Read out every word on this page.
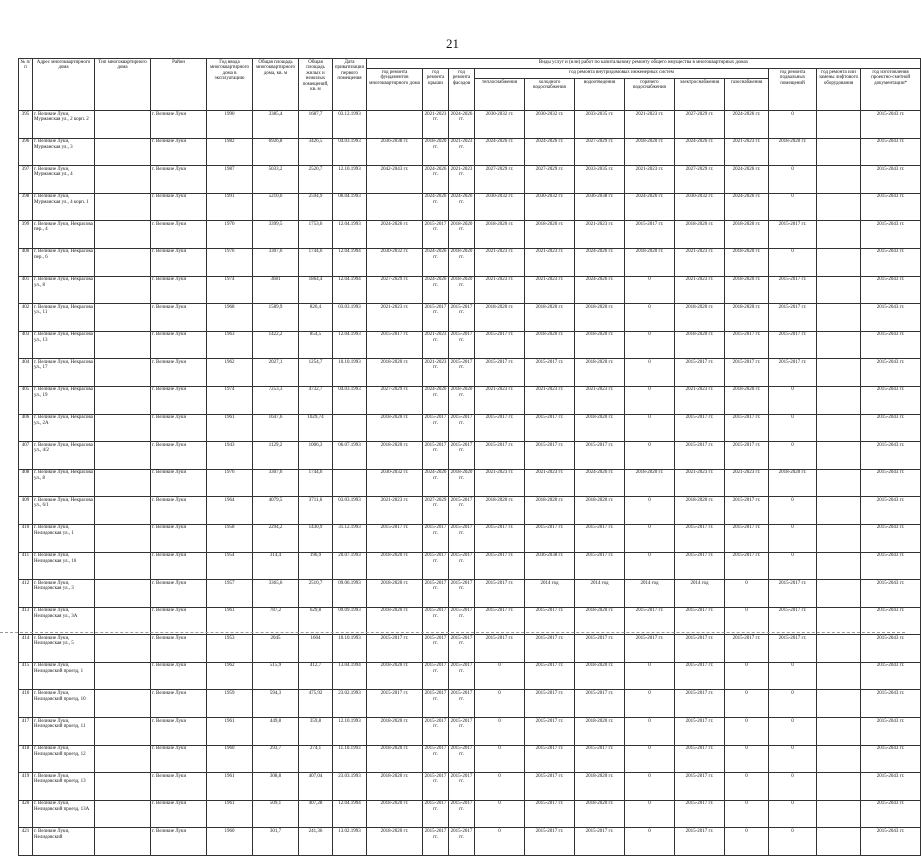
21
№ п/п	Адрес многоквартирного дома	Тип многоквартирного дома	Район	Год ввода многоквартирного дома в эксплуатацию	Общая площадь многоквартирного дома, кв. м	Общая площадь жилых и нежилых помещений, кв. м	Дата приватизации первого помещения	Виды услуг и (или) работ по капитальному ремонту общего имущества в многоквартирных домах											
								год ремонта фундаментов многоквартирного дома	год ремонта крыши	год ремонта фасадов	год ремонта внутридомовых инженерных систем						год ремонта подвальных помещений	год ремонта или замены лифтового оборудования	год изготовления проектно-сметной документации*
											теплоснабжения	холодного водоснабжения	водоотведения	горячего водоснабжения	электроснабжения	газоснабжения			
395	г. Великие Луки, Мурманская ул., 2 корп. 2		г. Великие Луки	1990	3385,4	1687,7	03.12.1993		2021-2023 гг.	2024-2026 гг.	2030-2032 гг.	2030-2032 гг.	2033-2035 гг.	2021-2023 гг.	2027-2029 гг.	2024-2026 гг.	0		2015-2043 гг.
396	г. Великие Луки, Мурманская ул., 3		г. Великие Луки	1982	6926,8	3426,5	04.03.1993	2036-2038 гг.	2018-2020 гг.	2021-2023 гг.	2024-2026 гг.	2024-2026 гг.	2027-2029 гг.	2018-2020 гг.	2024-2026 гг.	2021-2023 гг.	2018-2020 гг.		2015-2043 гг.
397	г. Великие Луки, Мурманская ул., 4		г. Великие Луки	1987	5033,2	2520,7	12.10.1993	2042-2043 гг.	2024-2026 гг.	2021-2023 гг.	2027-2029 гг.	2027-2029 гг.	2033-2035 гг.	2021-2023 гг.	2027-2029 гг.	2024-2026 гг.	0		2015-2043 гг.
398	г. Великие Луки, Мурманская ул., 4 корп. 1		г. Великие Луки	1991	5210,6	2594,9	06.04.1993		2024-2026 гг.	2024-2026 гг.	2030-2032 гг.	2030-2032 гг.	2036-2038 гг.	2024-2026 гг.	2030-2032 гг.	2024-2026 гг.	0		2015-2043 гг.
399	г. Великие Луки, Некрасова пер., 4		г. Великие Луки	1970	3399,5	1753,6	12.04.1993	2024-2026 гг.	2015-2017 гг.	2018-2020 гг.	2018-2020 гг.	2018-2020 гг.	2021-2023 гг.	2015-2017 гг.	2018-2020 гг.	2018-2020 гг.	2015-2017 гг.		2015-2043 гг.
400	г. Великие Луки, Некрасова пер., 6		г. Великие Луки	1976	3307,6	1744,6	12.04.1994	2030-2032 гг.	2024-2026 гг.	2018-2020 гг.	2021-2023 гг.	2021-2023 гг.	2024-2026 гг.	2018-2020 гг.	2021-2023 гг.	2018-2020 гг.	0		2015-2043 гг.
401	г. Великие Луки, Некрасова ул., 8		г. Великие Луки	1974	3681	1864,4	12.04.1994	2027-2029 гг.	2024-2026 гг.	2018-2020 гг.	2021-2023 гг.	2021-2023 гг.	2024-2026 гг.	0	2021-2023 гг.	2018-2020 гг.	2015-2017 гг.		2015-2043 гг.
402	г. Великие Луки, Некрасова ул., 11		г. Великие Луки	1968	1589,9	826,4	03.03.1993	2021-2023 гг.	2015-2017 гг.	2015-2017 гг.	2018-2020 гг.	2018-2020 гг.	2018-2020 гг.	0	2018-2020 гг.	2018-2020 гг.	2015-2017 гг.		2015-2043 гг.
403	г. Великие Луки, Некрасова ул., 13		г. Великие Луки	1963	1422,2	854,5	12.04.1993	2015-2017 гг.	2021-2023 гг.	2015-2017 гг.	2015-2017 гг.	2018-2020 гг.	2018-2020 гг.	0	2018-2020 гг.	2015-2017 гг.	2015-2017 гг.		2015-2043 гг.
404	г. Великие Луки, Некрасова ул., 17		г. Великие Луки	1962	2027,1	1254,7	10.10.1993	2018-2020 гг.	2021-2023 гг.	2015-2017 гг.	2015-2017 гг.	2015-2017 гг.	2018-2020 гг.	0	2015-2017 гг.	2015-2017 гг.	2015-2017 гг.		2015-2043 гг.
405	г. Великие Луки, Некрасова ул., 19		г. Великие Луки	1974	7253,3	4732,7	04.03.1993	2027-2029 гг.	2024-2026 гг.	2018-2020 гг.	2021-2023 гг.	2021-2023 гг.	2021-2023 гг.	0	2021-2023 гг.	2018-2020 гг.	0		2015-2043 гг.
406	г. Великие Луки, Некрасова ул., 2А		г. Великие Луки	1961	1647,6	1029,74		2018-2020 гг.	2015-2017 гг.	2015-2017 гг.	2015-2017 гг.	2015-2017 гг.	2018-2020 гг.	0	2015-2017 гг.	2015-2017 гг.	0		2015-2043 гг.
407	г. Великие Луки, Некрасова ул., 4/2		г. Великие Луки	1943	1129,2	1006,3	06.07.1993	2018-2020 гг.	2015-2017 гг.	2015-2017 гг.	2015-2017 гг.	2015-2017 гг.	2015-2017 гг.	0	2015-2017 гг.	2015-2017 гг.	0		2015-2043 гг.
408	г. Великие Луки, Некрасова ул., 8		г. Великие Луки	1976	3307,6	1744,6		2030-2032 гг.	2024-2026 гг.	2018-2020 гг.	2021-2023 гг.	2021-2023 гг.	2024-2026 гг.	2018-2020 гг.	2021-2023 гг.	2021-2023 гг.	2018-2020 гг.		2015-2043 гг.
409	г. Великие Луки, Некрасова ул., 6/1		г. Великие Луки	1964	4079,5	3711,6	03.03.1993	2021-2023 гг.	2027-2029 гг.	2015-2017 гг.	2018-2020 гг.	2018-2020 гг.	2018-2020 гг.	0	2018-2020 гг.	2015-2017 гг.	0		2015-2043 гг.
410	г. Великие Луки, Нелидовская ул., 1		г. Великие Луки	1958	2294,2	1430,9	31.12.1993	2015-2017 гг.	2015-2017 гг.	2015-2017 гг.	2015-2017 гг.	2015-2017 гг.	2015-2017 гг.	0	2015-2017 гг.	2015-2017 гг.	0		2015-2043 гг.
411	г. Великие Луки, Нелидовская ул., 16		г. Великие Луки	1954	314,4	196,9	20.07.1993	2018-2020 гг.	2015-2017 гг.	2015-2017 гг.	2015-2017 гг.	2036-2038 гг.	2015-2017 гг.	0	2015-2017 гг.	2015-2017 гг.	0		2015-2043 гг.
412	г. Великие Луки, Нелидовская ул., 3		г. Великие Луки	1957	3365,6	2510,7	09.06.1993	2018-2020 гг.	2015-2017 гг.	2015-2017 гг.	2015-2017 гг.	2014 год	2014 год	2014 год	2014 год	0	2015-2017 гг.		2015-2043 гг.
413	г. Великие Луки, Нелидовская ул., 3А		г. Великие Луки	1961	787,2	629,8	09.09.1993	2018-2020 гг.	2015-2017 гг.	2015-2017 гг.	2015-2017 гг.	2015-2017 гг.	2018-2020 гг.	2015-2017 гг.	2015-2017 гг.	0	2015-2017 гг.		2015-2043 гг.
414	г. Великие Луки, Нелидовская ул., 5		г. Великие Луки	1953	2045	1604	10.10.1993	2015-2017 гг.	2015-2017 гг.	2015-2017 гг.	2015-2017 гг.	2015-2017 гг.	2015-2017 гг.	2015-2017 гг.	2015-2017 гг.	2015-2017 гг.	2015-2017 гг.		2015-2043 гг.
415	г. Великие Луки, Нелидовский проезд, 1		г. Великие Луки	1962	515,9	412,7	13.04.1994	2018-2020 гг.	2015-2017 гг.	2015-2017 гг.	0	2015-2017 гг.	2018-2020 гг.	0	2015-2017 гг.	0	0		2015-2043 гг.
416	г. Великие Луки, Нелидовский проезд, 10		г. Великие Луки	1959	594,3	475,92	23.02.1993	2015-2017 гг.	2015-2017 гг.	2015-2017 гг.	0	2015-2017 гг.	2015-2017 гг.	0	2015-2017 гг.	0	0		2015-2043 гг.
417	г. Великие Луки, Нелидовский проезд, 11		г. Великие Луки	1961	449,8	359,8	12.10.1993	2018-2020 гг.	2015-2017 гг.	2015-2017 гг.	0	2015-2017 гг.	2018-2020 гг.	0	2015-2017 гг.	0	0		2015-2043 гг.
418	г. Великие Луки, Нелидовский проезд, 12		г. Великие Луки	1960	293,7	274,1	11.10.1993	2018-2020 гг.	2015-2017 гг.	2015-2017 гг.	0	2015-2017 гг.	2015-2017 гг.	0	2015-2017 гг.	0	0		2015-2043 гг.
419	г. Великие Луки, Нелидовский проезд, 13		г. Великие Луки	1961	308,8	407,04	23.03.1993	2018-2020 гг.	2015-2017 гг.	2015-2017 гг.	0	2015-2017 гг.	2018-2020 гг.	0	2015-2017 гг.	0	0		2015-2043 гг.
420	г. Великие Луки, Нелидовский проезд, 13А		г. Великие Луки	1961	509,1	407,28	12.04.1994	2018-2020 гг.	2015-2017 гг.	2015-2017 гг.	0	2015-2017 гг.	2018-2020 гг.	0	2015-2017 гг.	0	0		2015-2043 гг.
421	г. Великие Луки, Нелидовский		г. Великие Луки	1960	301,7	241,36	13.02.1993	2018-2020 гг.	2015-2017 гг.	2015-2017 гг.	0	2015-2017 гг.	2015-2017 гг.	0	2015-2017 гг.	0	0		2015-2043 гг.
